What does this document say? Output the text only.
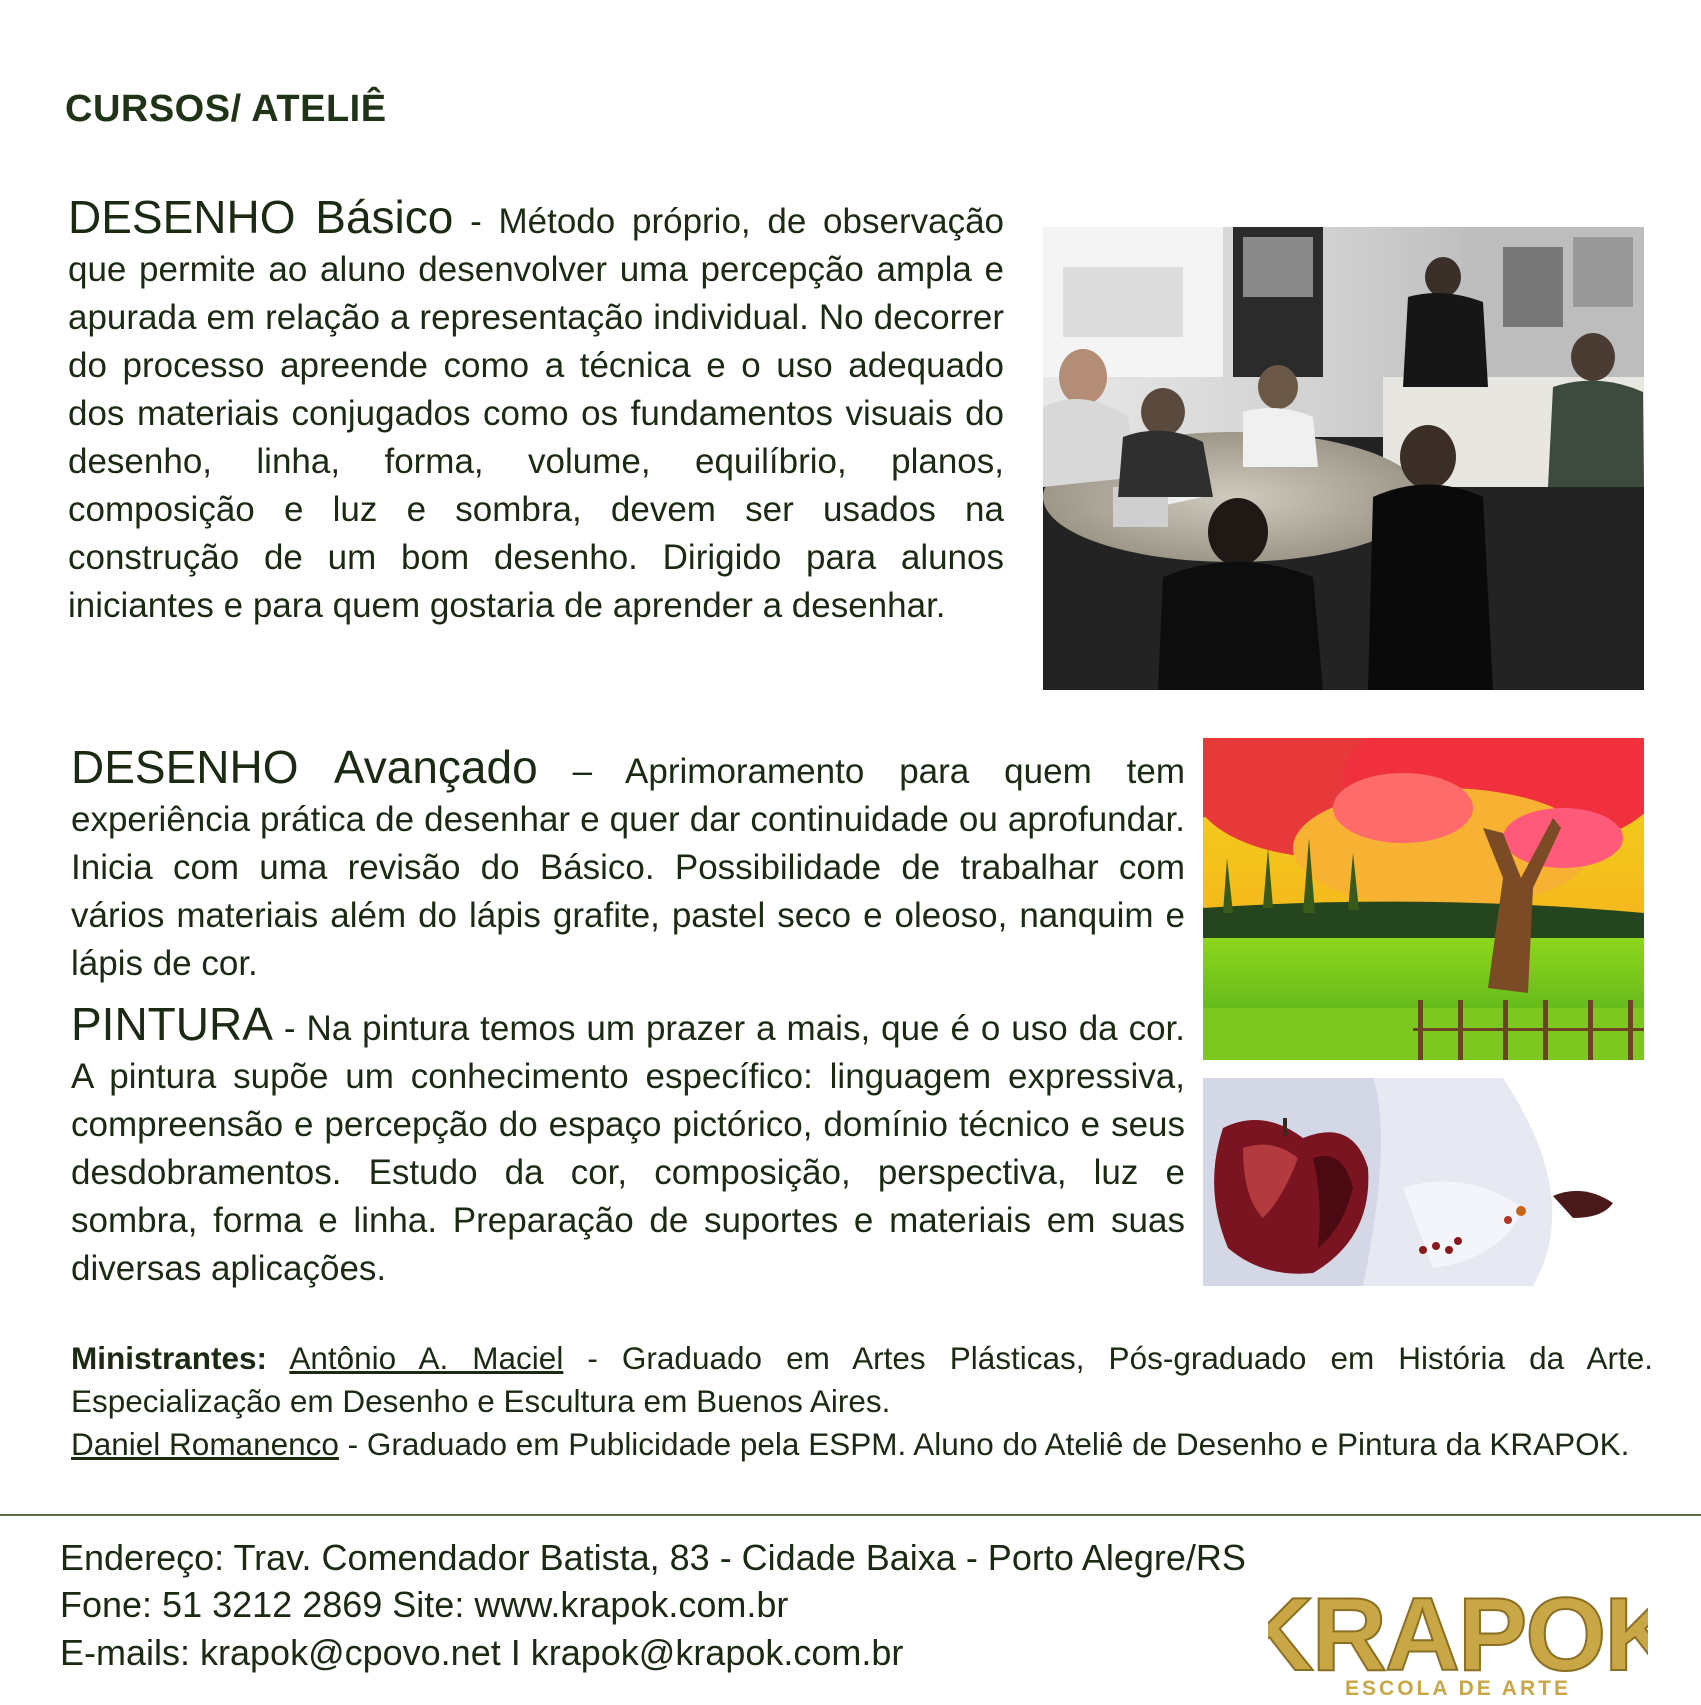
CURSOS/ ATELIÊ

DESENHO Básico - Método próprio, de observação que permite ao aluno desenvolver uma percepção ampla e apurada em relação a representação individual. No decorrer do processo apreende como a técnica e o uso adequado dos materiais conjugados como os fundamentos visuais do desenho, linha, forma, volume, equilíbrio, planos, composição e luz e sombra, devem ser usados na construção de um bom desenho. Dirigido para alunos iniciantes e para quem gostaria de aprender a desenhar.

DESENHO Avançado – Aprimoramento para quem tem experiência prática de desenhar e quer dar continuidade ou aprofundar. Inicia com uma revisão do Básico. Possibilidade de trabalhar com vários materiais além do lápis grafite, pastel seco e oleoso, nanquim e lápis de cor.

PINTURA - Na pintura temos um prazer a mais, que é o uso da cor. A pintura supõe um conhecimento específico: linguagem expressiva, compreensão e percepção do espaço pictórico, domínio técnico e seus desdobramentos. Estudo da cor, composição, perspectiva, luz e sombra, forma e linha. Preparação de suportes e materiais em suas diversas aplicações.

Ministrantes: Antônio A. Maciel - Graduado em Artes Plásticas, Pós-graduado em História da Arte. Especialização em Desenho e Escultura em Buenos Aires.
Daniel Romanenco - Graduado em Publicidade pela ESPM. Aluno do Ateliê de Desenho e Pintura da KRAPOK.

Endereço: Trav. Comendador Batista, 83 - Cidade Baixa - Porto Alegre/RS
Fone: 51 3212 2869 Site: www.krapok.com.br
E-mails: krapok@cpovo.net I krapok@krapok.com.br	KRAPOK
ESCOLA DE ARTE
